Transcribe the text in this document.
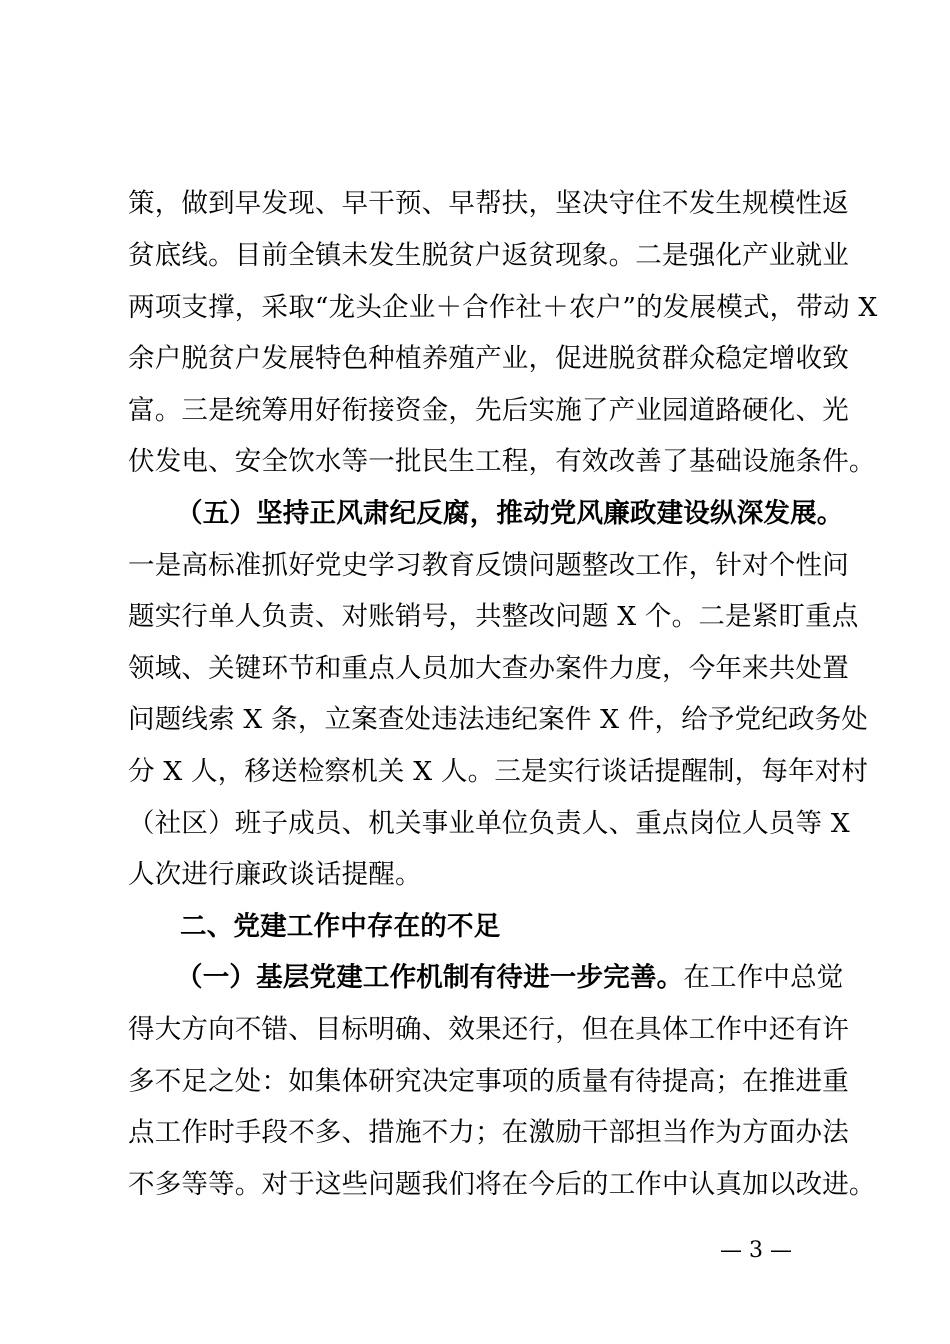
策，做到早发现、早干预、早帮扶，坚决守住不发生规模性返
贫底线。目前全镇未发生脱贫户返贫现象。二是强化产业就业
两项支撑，采取“龙头企业＋合作社＋农户”的发展模式，带动 X
余户脱贫户发展特色种植养殖产业，促进脱贫群众稳定增收致
富。三是统筹用好衔接资金，先后实施了产业园道路硬化、光
伏发电、安全饮水等一批民生工程，有效改善了基础设施条件。
（五）坚持正风肃纪反腐，推动党风廉政建设纵深发展。
一是高标准抓好党史学习教育反馈问题整改工作，针对个性问
题实行单人负责、对账销号，共整改问题 X 个。二是紧盯重点
领域、关键环节和重点人员加大查办案件力度，今年来共处置
问题线索 X 条，立案查处违法违纪案件 X 件，给予党纪政务处
分 X 人，移送检察机关 X 人。三是实行谈话提醒制，每年对村
（社区）班子成员、机关事业单位负责人、重点岗位人员等 X
人次进行廉政谈话提醒。
二、党建工作中存在的不足
（一）基层党建工作机制有待进一步完善。在工作中总觉
得大方向不错、目标明确、效果还行，但在具体工作中还有许
多不足之处：如集体研究决定事项的质量有待提高；在推进重
点工作时手段不多、措施不力；在激励干部担当作为方面办法
不多等等。对于这些问题我们将在今后的工作中认真加以改进。
— 3 —
